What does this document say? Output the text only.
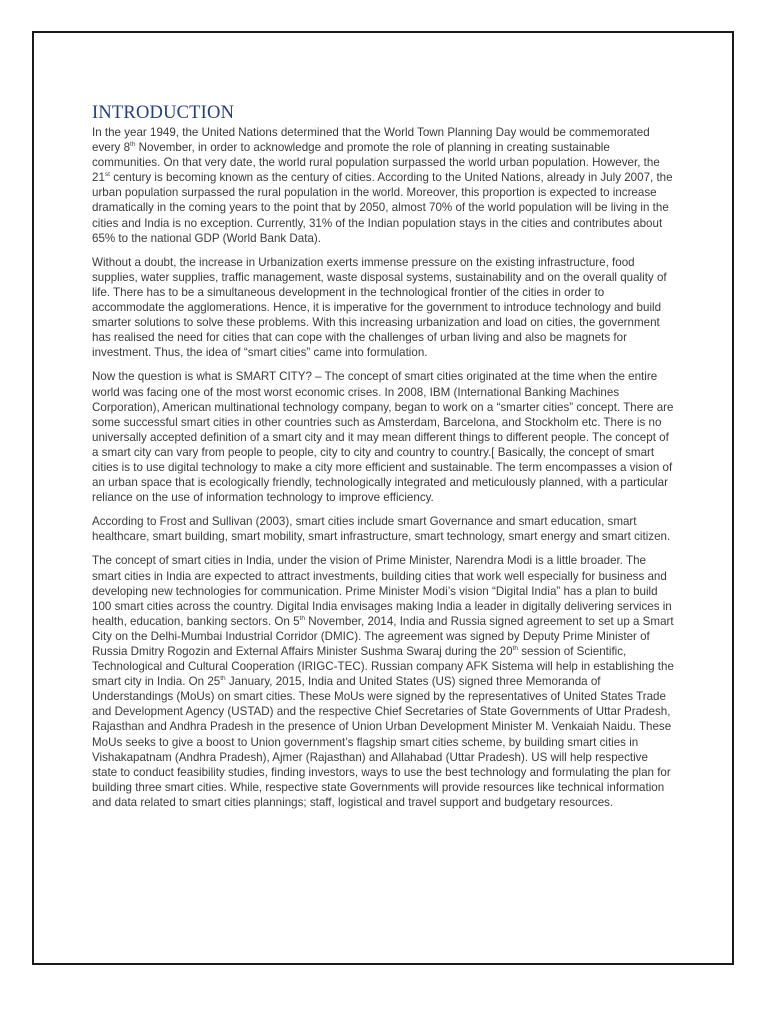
INTRODUCTION

In the year 1949, the United Nations determined that the World Town Planning Day would be commemorated every 8th November, in order to acknowledge and promote the role of planning in creating sustainable communities. On that very date, the world rural population surpassed the world urban population. However, the 21st century is becoming known as the century of cities. According to the United Nations, already in July 2007, the urban population surpassed the rural population in the world. Moreover, this proportion is expected to increase dramatically in the coming years to the point that by 2050, almost 70% of the world population will be living in the cities and India is no exception. Currently, 31% of the Indian population stays in the cities and contributes about 65% to the national GDP (World Bank Data).

Without a doubt, the increase in Urbanization exerts immense pressure on the existing infrastructure, food supplies, water supplies, traffic management, waste disposal systems, sustainability and on the overall quality of life. There has to be a simultaneous development in the technological frontier of the cities in order to accommodate the agglomerations. Hence, it is imperative for the government to introduce technology and build smarter solutions to solve these problems. With this increasing urbanization and load on cities, the government has realised the need for cities that can cope with the challenges of urban living and also be magnets for investment. Thus, the idea of “smart cities” came into formulation.

Now the question is what is SMART CITY? – The concept of smart cities originated at the time when the entire world was facing one of the most worst economic crises. In 2008, IBM (International Banking Machines Corporation), American multinational technology company, began to work on a “smarter cities” concept. There are some successful smart cities in other countries such as Amsterdam, Barcelona, and Stockholm etc. There is no universally accepted definition of a smart city and it may mean different things to different people. The concept of a smart city can vary from people to people, city to city and country to country.[ Basically, the concept of smart cities is to use digital technology to make a city more efficient and sustainable. The term encompasses a vision of an urban space that is ecologically friendly, technologically integrated and meticulously planned, with a particular reliance on the use of information technology to improve efficiency.

According to Frost and Sullivan (2003), smart cities include smart Governance and smart education, smart healthcare, smart building, smart mobility, smart infrastructure, smart technology, smart energy and smart citizen.

The concept of smart cities in India, under the vision of Prime Minister, Narendra Modi is a little broader. The smart cities in India are expected to attract investments, building cities that work well especially for business and developing new technologies for communication. Prime Minister Modi’s vision “Digital India” has a plan to build 100 smart cities across the country. Digital India envisages making India a leader in digitally delivering services in health, education, banking sectors. On 5th November, 2014, India and Russia signed agreement to set up a Smart City on the Delhi-Mumbai Industrial Corridor (DMIC). The agreement was signed by Deputy Prime Minister of Russia Dmitry Rogozin and External Affairs Minister Sushma Swaraj during the 20th session of Scientific, Technological and Cultural Cooperation (IRIGC-TEC). Russian company AFK Sistema will help in establishing the smart city in India. On 25th January, 2015, India and United States (US) signed three Memoranda of Understandings (MoUs) on smart cities. These MoUs were signed by the representatives of United States Trade and Development Agency (USTAD) and the respective Chief Secretaries of State Governments of Uttar Pradesh, Rajasthan and Andhra Pradesh in the presence of Union Urban Development Minister M. Venkaiah Naidu. These MoUs seeks to give a boost to Union government’s flagship smart cities scheme, by building smart cities in Vishakapatnam (Andhra Pradesh), Ajmer (Rajasthan) and Allahabad (Uttar Pradesh). US will help respective state to conduct feasibility studies, finding investors, ways to use the best technology and formulating the plan for building three smart cities. While, respective state Governments will provide resources like technical information and data related to smart cities plannings; staff, logistical and travel support and budgetary resources.
